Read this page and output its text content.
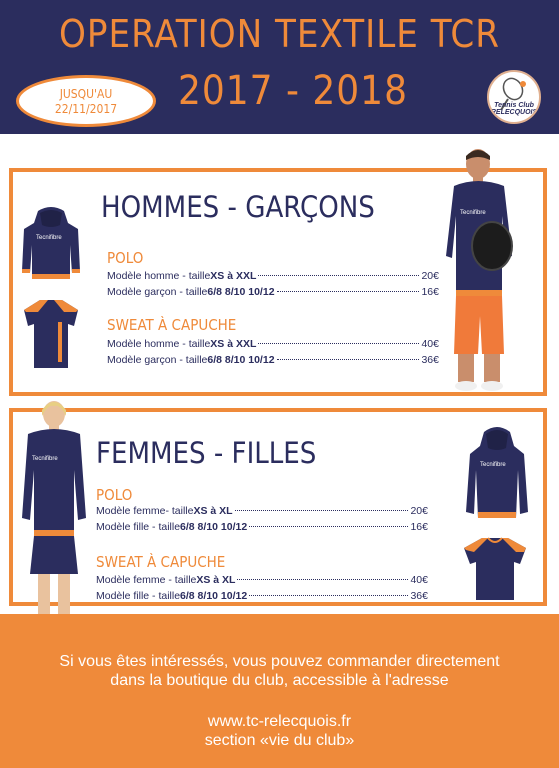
OPERATION TEXTILE TCR
2017 - 2018
JUSQU'AU
22/11/2017	Tennis Club RELECQUOIS
HOMMES - GARÇONS
Tecnifibre
POLO
Modèle homme - taille XS à XXL	20€
Modèle garçon - taille 6/8 8/10 10/12	16€
SWEAT À CAPUCHE
Modèle homme - taille XS à XXL	40€
Modèle garçon - taille 6/8 8/10 10/12	36€
Tecnifibre
FEMMES - FILLES
Tecnifibre
POLO
Modèle femme- taille XS à XL	20€
Modèle fille - taille 6/8 8/10 10/12	16€
SWEAT À CAPUCHE
Modèle femme - taille XS à XL	40€
Modèle fille - taille 6/8 8/10 10/12	36€
Tecnifibre
Si vous êtes intéressés, vous pouvez commander directement
dans la boutique du club, accessible à l'adresse
www.tc-relecquois.fr
section «vie du club»
